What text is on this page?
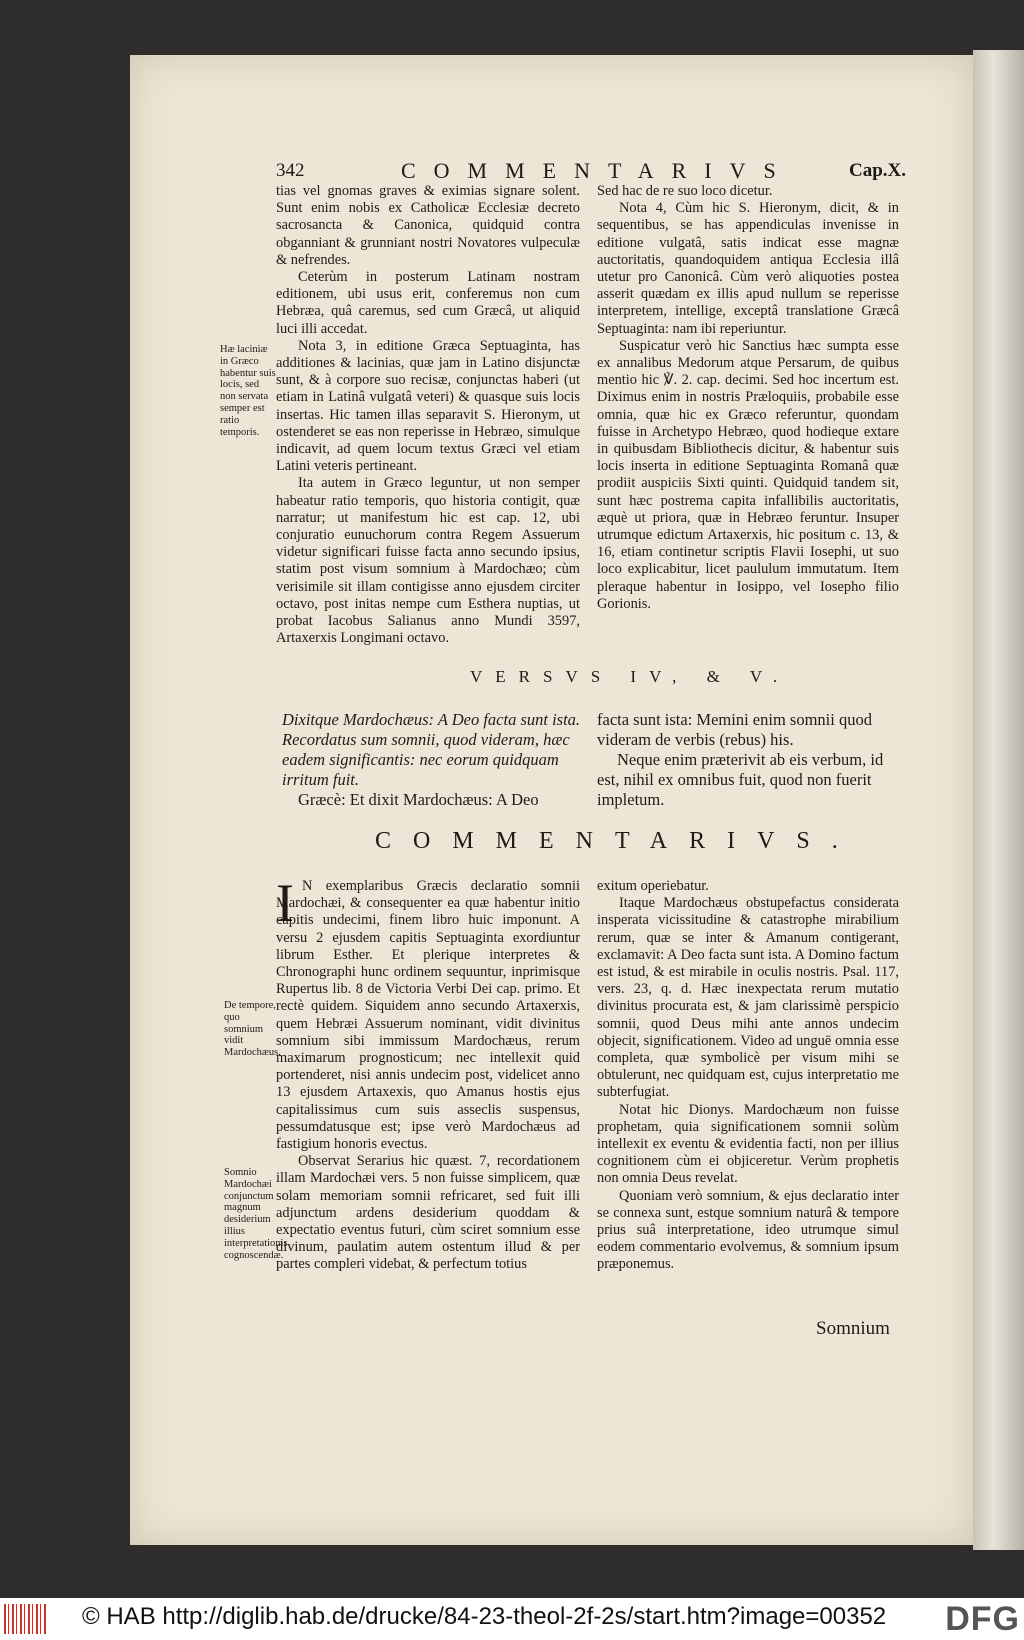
342	COMMENTARIVS	Cap.X.

tias vel gnomas graves & eximias signare solent. Sunt enim nobis ex Catholicæ Ecclesiæ decreto sacrosancta & Canonica, quidquid contra obganniant & grunniant nostri Novatores vulpeculæ & nefrendes.

Ceterùm in posterum Latinam nostram editionem, ubi usus erit, conferemus non cum Hebræa, quâ caremus, sed cum Græcâ, ut aliquid luci illi accedat.

Nota 3, in editione Græca Septuaginta, has additiones & lacinias, quæ jam in Latino disjunctæ sunt, & à corpore suo recisæ, conjunctas haberi (ut etiam in Latinâ vulgatâ veteri) & quasque suis locis insertas. Hic tamen illas separavit S. Hieronym, ut ostenderet se eas non reperisse in Hebræo, simulque indicavit, ad quem locum textus Græci vel etiam Latini veteris pertineant.

Ita autem in Græco leguntur, ut non semper habeatur ratio temporis, quo historia contigit, quæ narratur; ut manifestum hic est cap. 12, ubi conjuratio eunuchorum contra Regem Assuerum videtur significari fuisse facta anno secundo ipsius, statim post visum somnium à Mardochæo; cùm verisimile sit illam contigisse anno ejusdem circiter octavo, post initas nempe cum Esthera nuptias, ut probat Iacobus Salianus anno Mundi 3597, Artaxerxis Longimani octavo.

Sed hac de re suo loco dicetur.

Nota 4, Cùm hic S. Hieronym, dicit, & in sequentibus, se has appendiculas invenisse in editione vulgatâ, satis indicat esse magnæ auctoritatis, quandoquidem antiqua Ecclesia illâ utetur pro Canonicâ. Cùm verò aliquoties postea asserit quædam ex illis apud nullum se reperisse interpretem, intellige, exceptâ translatione Græcâ Septuaginta: nam ibi reperiuntur.

Suspicatur verò hic Sanctius hæc sumpta esse ex annalibus Medorum atque Persarum, de quibus mentio hic ℣. 2. cap. decimi. Sed hoc incertum est. Diximus enim in nostris Præloquiis, probabile esse omnia, quæ hic ex Græco referuntur, quondam fuisse in Archetypo Hebræo, quod hodieque extare in quibusdam Bibliothecis dicitur, & habentur suis locis inserta in editione Septuaginta Romanâ quæ prodiit auspiciis Sixti quinti. Quidquid tandem sit, sunt hæc postrema capita infallibilis auctoritatis, æquè ut priora, quæ in Hebræo feruntur. Insuper utrumque edictum Artaxerxis, hic positum c. 13, & 16, etiam continetur scriptis Flavii Iosephi, ut suo loco explicabitur, licet paululum immutatum. Item pleraque habentur in Iosippo, vel Iosepho filio Gorionis.

Hæ laciniæ in Græco habentur suis locis, sed non servata semper est ratio temporis.
De tempore, quo somnium vidit Mardochæus.
Somnio Mardochæi conjunctum magnum desiderium illius interpretationis cognoscendæ.
VERSVS IV, & V.
Dixitque Mardochæus: A Deo facta sunt ista. Recordatus sum somnii, quod videram, hæc eadem significantis: nec eorum quidquam irritum fuit.
Græcè: Et dixit Mardochæus: A Deo
facta sunt ista: Memini enim somnii quod videram de verbis (rebus) his.
Neque enim præterivit ab eis verbum, id est, nihil ex omnibus fuit, quod non fuerit impletum.
COMMENTARIVS.
I N exemplaribus Græcis declaratio somnii Mardochæi, & consequenter ea quæ habentur initio capitis undecimi, finem libro huic imponunt. A versu 2 ejusdem capitis Septuaginta exordiuntur librum Esther. Et plerique interpretes & Chronographi hunc ordinem sequuntur, inprimisque Rupertus lib. 8 de Victoria Verbi Dei cap. primo. Et rectè quidem. Siquidem anno secundo Artaxerxis, quem Hebræi Assuerum nominant, vidit divinitus somnium sibi immissum Mardochæus, rerum maximarum prognosticum; nec intellexit quid portenderet, nisi annis undecim post, videlicet anno 13 ejusdem Artaxexis, quo Amanus hostis ejus capitalissimus cum suis asseclis suspensus, pessumdatusque est; ipse verò Mardochæus ad fastigium honoris evectus.

Observat Serarius hic quæst. 7, recordationem illam Mardochæi vers. 5 non fuisse simplicem, quæ solam memoriam somnii refricaret, sed fuit illi adjunctum ardens desiderium quoddam & expectatio eventus futuri, cùm sciret somnium esse divinum, paulatim autem ostentum illud & per partes compleri videbat, & perfectum totius

exitum operiebatur.

Itaque Mardochæus obstupefactus considerata insperata vicissitudine & catastrophe mirabilium rerum, quæ se inter & Amanum contigerant, exclamavit: A Deo facta sunt ista. A Domino factum est istud, & est mirabile in oculis nostris. Psal. 117, vers. 23, q. d. Hæc inexpectata rerum mutatio divinitus procurata est, & jam clarissimè perspicio somnii, quod Deus mihi ante annos undecim objecit, significationem. Video ad unguē omnia esse completa, quæ symbolicè per visum mihi se obtulerunt, nec quidquam est, cujus interpretatio me subterfugiat.

Notat hic Dionys. Mardochæum non fuisse prophetam, quia significationem somnii solùm intellexit ex eventu & evidentia facti, non per illius cognitionem cùm ei objiceretur. Verùm prophetis non omnia Deus revelat.

Quoniam verò somnium, & ejus declaratio inter se connexa sunt, estque somnium naturâ & tempore prius suâ interpretatione, ideo utrumque simul eodem commentario evolvemus, & somnium ipsum præponemus.

Somnium
© HAB http://diglib.hab.de/drucke/84-23-theol-2f-2s/start.htm?image=00352 DFG
